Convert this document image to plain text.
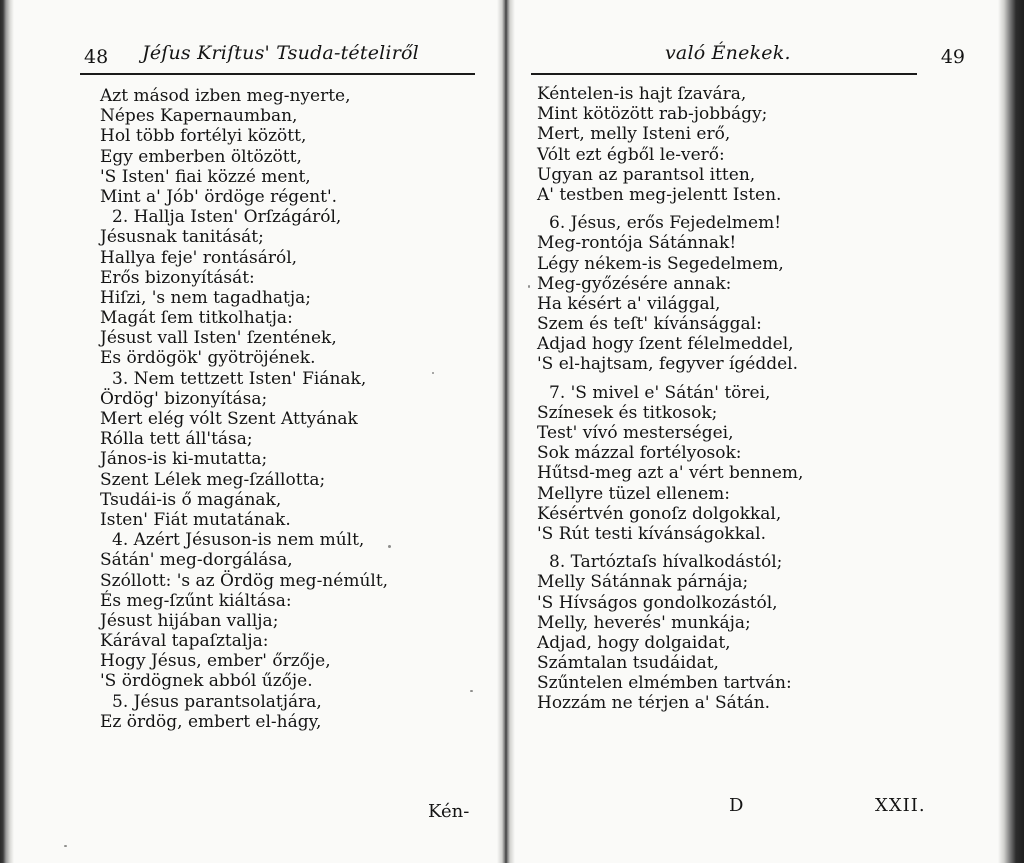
48 Jéſus Kriſtus' Tsuda-tételiről
Azt másod izben meg-nyerte,
Népes Kapernaumban,
Hol több fortélyi között,
Egy emberben öltözött,
'S Isten' fiai közzé ment,
Mint a' Jób' ördöge régent'.
2. Hallja Isten' Orſzágáról,
Jésusnak tanitását;
Hallya feje' rontásáról,
Erős bizonyítását:
Hiſzi, 's nem tagadhatja;
Magát ſem titkolhatja:
Jésust vall Isten' ſzentének,
Es ördögök' gyötröjének.
3. Nem tettzett Isten' Fiának,
Ördög' bizonyítása;
Mert elég vólt Szent Attyának
Rólla tett áll'tása;
János-is ki-mutatta;
Szent Lélek meg-ſzállotta;
Tsudái-is ő magának,
Isten' Fiát mutatának.
4. Azért Jésuson-is nem múlt,
Sátán' meg-dorgálása,
Szóllott: 's az Ördög meg-némúlt,
És meg-ſzűnt kiáltása:
Jésust hijában vallja;
Kárával tapaſztalja:
Hogy Jésus, ember' őrzője,
'S ördögnek abból űzője.
5. Jésus parantsolatjára,
Ez ördög, embert el-hágy,
Kén-
való Énekek.	49
Kéntelen-is hajt ſzavára,
Mint kötözött rab-jobbágy;
Mert, melly Isteni erő,
Vólt ezt égből le-verő:
Ugyan az parantsol itten,
A' testben meg-jelentt Isten.
6. Jésus, erős Fejedelmem!
Meg-rontója Sátánnak!
Légy nékem-is Segedelmem,
Meg-győzésére annak:
Ha késért a' világgal,
Szem és teſt' kívánsággal:
Adjad hogy ſzent félelmeddel,
'S el-hajtsam, fegyver ígéddel.
7. 'S mivel e' Sátán' törei,
Színesek és titkosok;
Test' vívó mesterségei,
Sok mázzal fortélyosok:
Hűtsd-meg azt a' vért bennem,
Mellyre tüzel ellenem:
Késértvén gonoſz dolgokkal,
'S Rút testi kívánságokkal.
8. Tartóztaſs hívalkodástól;
Melly Sátánnak párnája;
'S Hívságos gondolkozástól,
Melly, heverés' munkája;
Adjad, hogy dolgaidat,
Számtalan tsudáidat,
Szűntelen elmémben tartván:
Hozzám ne térjen a' Sátán.
D	XXII.
